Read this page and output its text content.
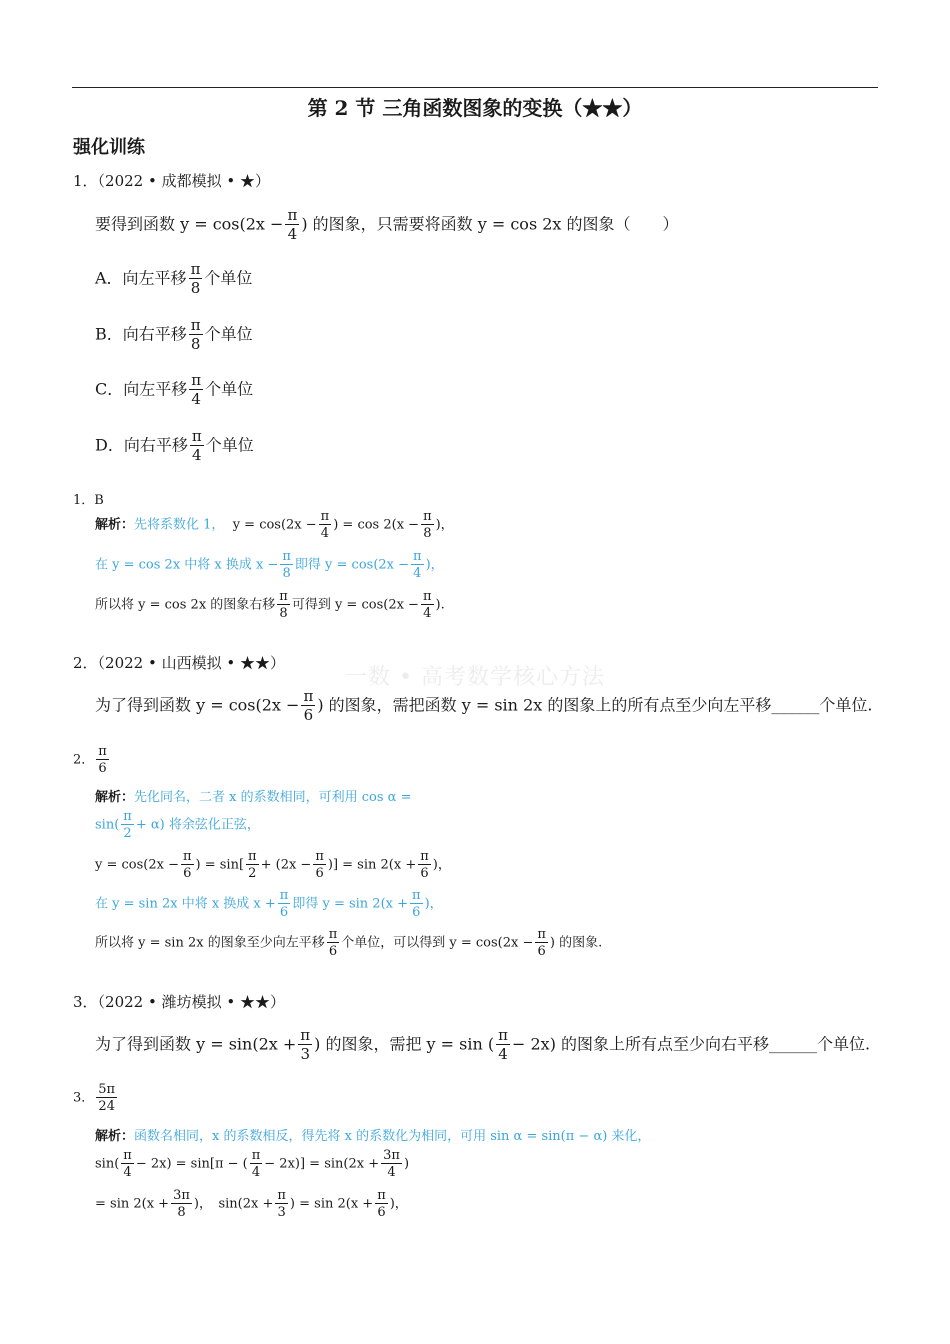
第 2 节 三角函数图象的变换（★★）
强化训练
一数 • 高考数学核心方法
1．（2022 • 成都模拟 • ★）
要得到函数 $y = \cos(2x - \frac{\pi}{4}$ ) 的图象，只需要将函数 y = cos 2x 的图象（　　）
A．向左平移 $\frac{\pi}{8}$ 个单位
B．向右平移 $\frac{\pi}{8}$ 个单位
C．向左平移 $\frac{\pi}{4}$ 个单位
D．向右平移 $\frac{\pi}{4}$ 个单位
1．B
解析：先将系数化 1， $y = \cos(2x - \frac{\pi}{4}$ ) = $\cos 2(x - \frac{\pi}{8}$ )，
在 y = cos 2x 中将 x 换成 $x - \frac{\pi}{8}$ 即得 $y = \cos(2x - \frac{\pi}{4}$ )，
所以将 y = cos 2x 的图象右移 $\frac{\pi}{8}$ 可得到 $y = \cos(2x - \frac{\pi}{4}$ ).
2．（2022 • 山西模拟 • ★★）
为了得到函数 $y = \cos(2x - \frac{\pi}{6}$ ) 的图象，需把函数 y = sin 2x 的图象上的所有点至少向左平移______个单位.
2． $\frac{\pi}{6}$
解析：先化同名，二者 x 的系数相同，可利用 cos α =
$\sin( \frac{\pi}{2} + \alpha)$ 将余弦化正弦，
$y = \cos(2x - \frac{\pi}{6}$ ) = $\sin[ \frac{\pi}{2} + (2x - \frac{\pi}{6}$ )] = $\sin 2(x + \frac{\pi}{6}$ )，
在 y = sin 2x 中将 x 换成 $x + \frac{\pi}{6}$ 即得 $y = \sin 2(x + \frac{\pi}{6}$ )，
所以将 y = sin 2x 的图象至少向左平移 $\frac{\pi}{6}$ 个单位，可以得到 $y = \cos(2x - \frac{\pi}{6}$ ) 的图象.
3．（2022 • 潍坊模拟 • ★★）
为了得到函数 $y = \sin(2x + \frac{\pi}{3}$ ) 的图象，需把 y = sin ( $\frac{\pi}{4} - 2x$) 的图象上所有点至少向右平移______个单位.
3． $\frac{5\pi}{24}$
解析：函数名相同，x 的系数相反，得先将 x 的系数化为相同，可用 sin α = sin(π − α) 来化，
$\sin( \frac{\pi}{4} - 2x) = \sin[\pi$ − ( $\frac{\pi}{4} - 2x)] = \sin(2x + \frac{3\pi}{4}$ )
= $\sin 2(x + \frac{3\pi}{8}$ )，　$\sin(2x + \frac{\pi}{3}$ ) = $\sin 2(x + \frac{\pi}{6}$ )，
